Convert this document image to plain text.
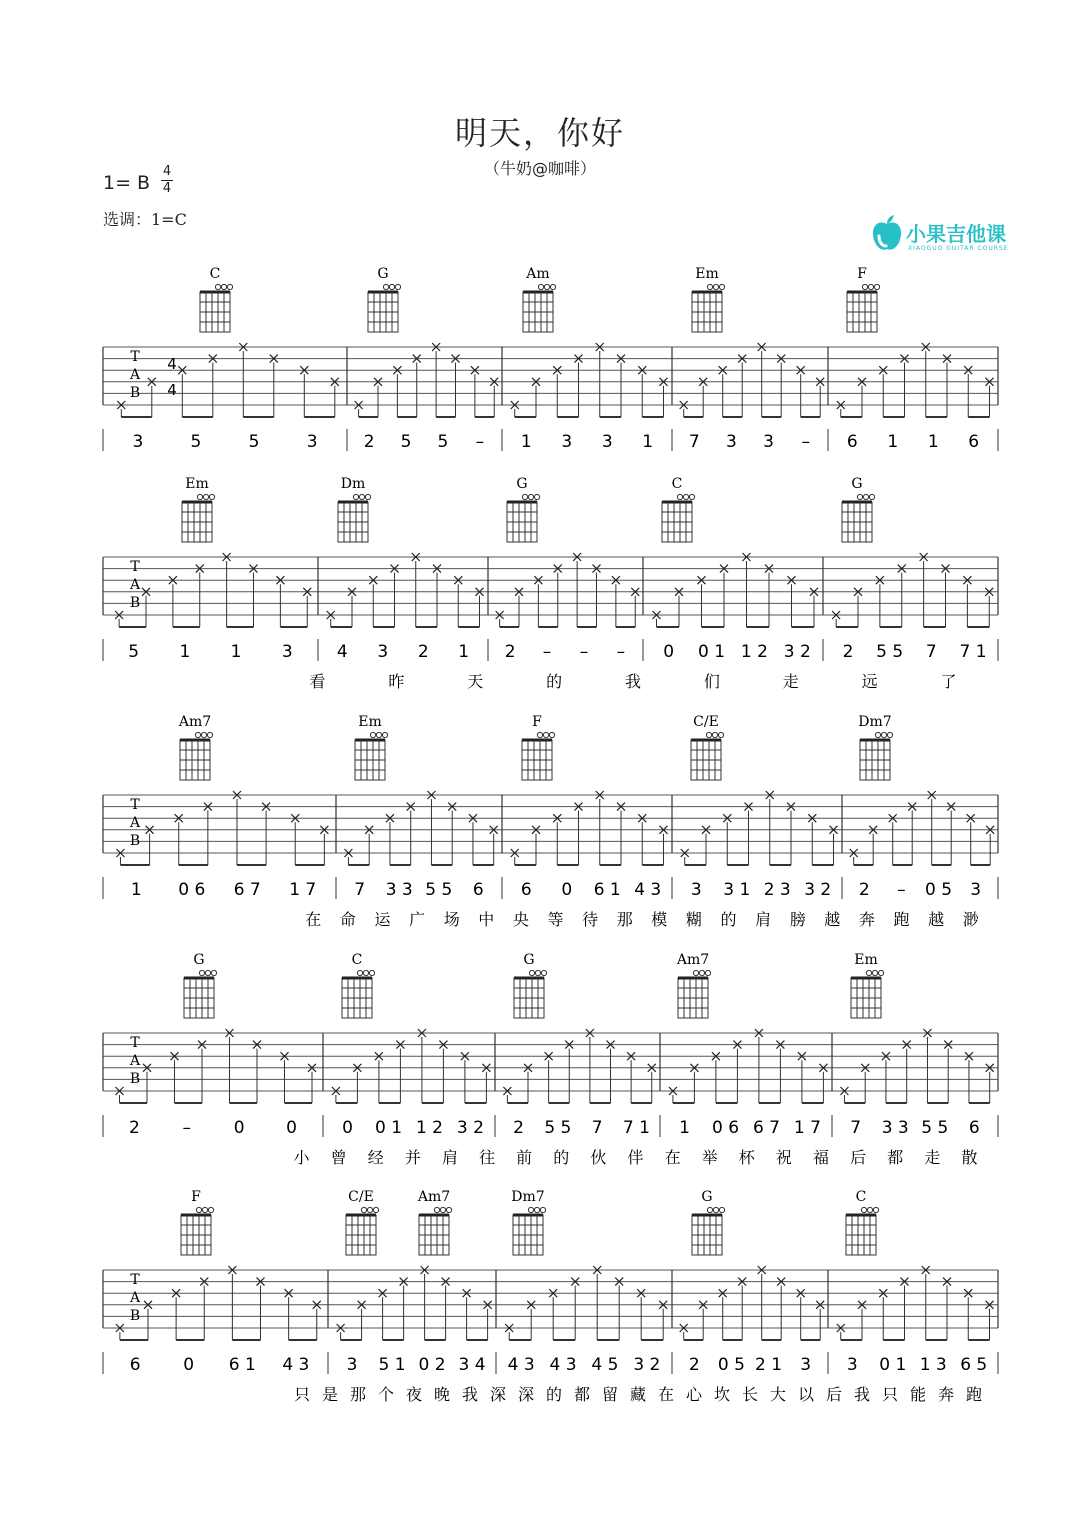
明天，你好
（牛奶@咖啡）
1= B
4
4
选调：1=C
小果吉他课
XIAOGUO GUITAR COURSE
T
A
B
4
4
C	G	Am	Em	F
3	5	5	3	2 5 5 – 1 3 3 1 7 3 3 – 6 1 1 6
T
A
B
Em	Dm	G	C	G
5 1 1 3	4 3 2 1 2 – – – 0 0 1 1 2 3 2 2 5 5 7 7 1
看	昨	天	的	我	们	走	远	了
T
A
B
Am7	Em	F	C/E	Dm7
1 0 6 6 7 1 7 7 3 3 5 5 6 6 0 6 1 4 3 3 3 1 2 3 3 2 2 – 0 5 3
在 命 运 广 场 中 央 等 待 那 模 糊 的 肩 膀 越 奔 跑 越 渺
T
A
B
G	C	G	Am7	Em
2	–	0 0	0 0 1 1 2 3 2 2 5 5 7 7 1 1 0 6 6 7 1 7 7 3 3 5 5 6
小 曾 经 并 肩 往 前 的 伙 伴 在 举 杯 祝 福 后 都 走 散
T
A
B
F	C/E	Am7	Dm7	G	C
6	0 6 1 4 3 3 5 1 0 2 3 4 4 3 4 3 4 5 3 2 2 0 5 2 1 3 3 0 1 1 3 6 5
只 是 那 个 夜 晚 我 深 深 的 都 留 藏 在 心 坎 长 大 以 后 我 只 能 奔 跑
